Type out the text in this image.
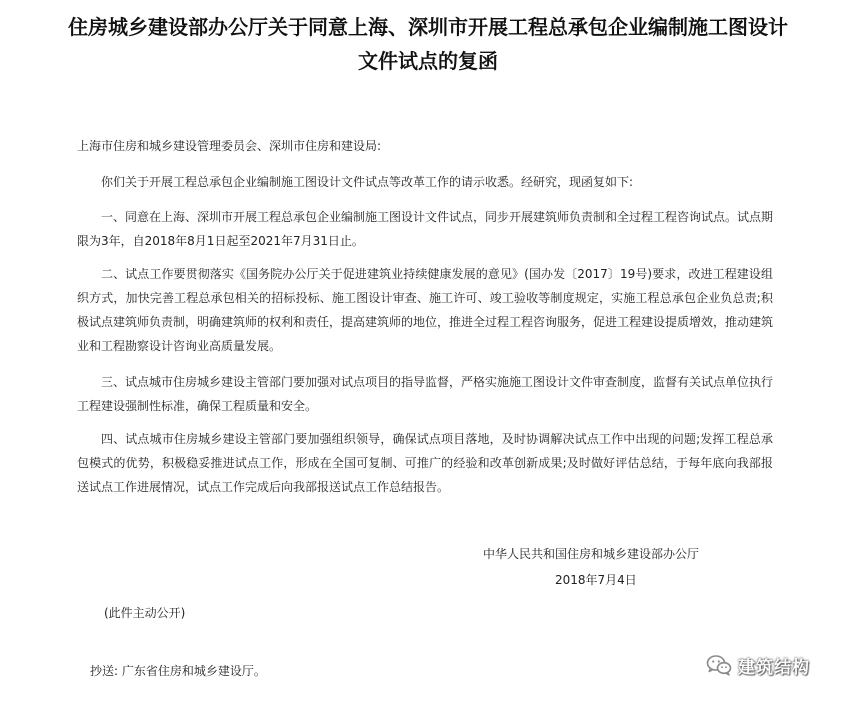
住房城乡建设部办公厅关于同意上海、深圳市开展工程总承包企业编制施工图设计
文件试点的复函
上海市住房和城乡建设管理委员会、深圳市住房和建设局:

你们关于开展工程总承包企业编制施工图设计文件试点等改革工作的请示收悉。经研究，现函复如下:

一、同意在上海、深圳市开展工程总承包企业编制施工图设计文件试点，同步开展建筑师负责制和全过程工程咨询试点。试点期限为3年，自2018年8月1日起至2021年7月31日止。

二、试点工作要贯彻落实《国务院办公厅关于促进建筑业持续健康发展的意见》(国办发〔2017〕19号)要求，改进工程建设组织方式，加快完善工程总承包相关的招标投标、施工图设计审查、施工许可、竣工验收等制度规定，实施工程总承包企业负总责;积极试点建筑师负责制，明确建筑师的权利和责任，提高建筑师的地位，推进全过程工程咨询服务，促进工程建设提质增效，推动建筑业和工程勘察设计咨询业高质量发展。

三、试点城市住房城乡建设主管部门要加强对试点项目的指导监督，严格实施施工图设计文件审查制度，监督有关试点单位执行工程建设强制性标准，确保工程质量和安全。

四、试点城市住房城乡建设主管部门要加强组织领导，确保试点项目落地，及时协调解决试点工作中出现的问题;发挥工程总承包模式的优势，积极稳妥推进试点工作，形成在全国可复制、可推广的经验和改革创新成果;及时做好评估总结，于每年底向我部报送试点工作进展情况，试点工作完成后向我部报送试点工作总结报告。

中华人民共和国住房和城乡建设部办公厅
2018年7月4日
(此件主动公开)
抄送: 广东省住房和城乡建设厅。	建筑结构
